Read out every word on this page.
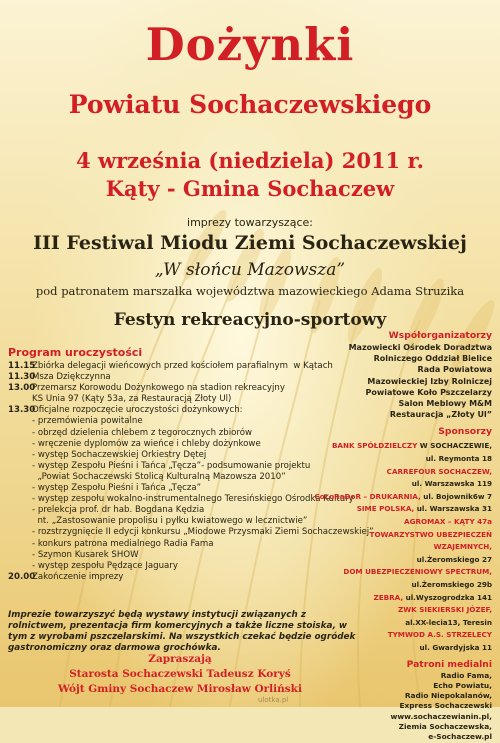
Dożynki
Powiatu Sochaczewskiego
4 września (niedziela) 2011 r.
Kąty - Gmina Sochaczew
imprezy towarzyszące:
III Festiwal Miodu Ziemi Sochaczewskiej
„W słońcu Mazowsza”
pod patronatem marszałka województwa mazowieckiego Adama Struzika
Festyn rekreacyjno-sportowy
Program uroczystości
11.15Zbiórka delegacji wieńcowych przed kościołem parafialnym  w Kątach
11.30Msza Dziękczynna
13.00Przemarsz Korowodu Dożynkowego na stadion rekreacyjny
KS Unia 97 (Kąty 53a, za Restauracją Złoty Ul)
13.30Oficjalne rozpoczęcie uroczystości dożynkowych:
- przemówienia powitalne
- obrzęd dzielenia chlebem z tegorocznych zbiorów
- wręczenie dyplomów za wieńce i chleby dożynkowe
- występ Sochaczewskiej Orkiestry Dętej
- występ Zespołu Pieśni i Tańca „Tęcza”- podsumowanie projektu
„Powiat Sochaczewski Stolicą Kulturalną Mazowsza 2010”
- występ Zespołu Pieśni i Tańca „Tęcza”
- występ zespołu wokalno-instrumentalnego Teresińskiego Ośrodka Kultury
- prelekcja prof. dr hab. Bogdana Kędzia
nt. „Zastosowanie propolisu i pyłku kwiatowego w lecznictwie”
- rozstrzygnięcie II edycji konkursu „Miodowe Przysmaki Ziemi Sochaczewskiej”
- konkurs patrona medialnego Radia Fama
- Szymon Kusarek SHOW
- występ zespołu Pędzące Jaguary
20.00Zakończenie imprezy
Imprezie towarzyszyć będą wystawy instytucji związanych z rolnictwem, prezentacja firm komercyjnych a także liczne stoiska, w tym z wyrobami pszczelarskimi. Na wszystkich czekać będzie ogródek gastronomiczny oraz darmowa grochówka.
Zapraszają
Starosta Sochaczewski Tadeusz Koryś
Wójt Gminy Sochaczew Mirosław Orliński
Współorganizatorzy
Mazowiecki Ośrodek Doradztwa
Rolniczego Oddział Bielice
Rada Powiatowa
Mazowieckiej Izby Rolniczej
Powiatowe Koło Pszczelarzy
Salon Meblowy M&M
Restauracja „Złoty Ul”
Sponsorzy
BANK SPÓŁDZIELCZY W SOCHACZEWIE,
ul. Reymonta 18
CARREFOUR SOCHACZEW,
ul. Warszawska 119
CoLoRaDoR – DRUKARNIA, ul. Bojownik6w 7
SIME POLSKA, ul. Warszawska 31
AGROMAX – KĄTY 47a
TOWARZYSTWO UBEZPIECZEŃ WZAJEMNYCH,
ul.Żeromskiego 27
DOM UBEZPIECZENIOWY SPECTRUM,
ul.Żeromskiego 29b
ZEBRA, ul.Wyszogrodzka 141
ZWK SIEKIERSKI JÓZEF,
al.XX-lecia13, Teresin
TYMWOD A.S. STRZELECY
ul. Gwardyjska 11
Patroni medialni
Radio Fama,
Echo Powiatu,
Radio Niepokalanów,
Express Sochaczewski
www.sochaczewianin.pl,
Ziemia Sochaczewska,
e-Sochaczew.pl
ulotka.pl
